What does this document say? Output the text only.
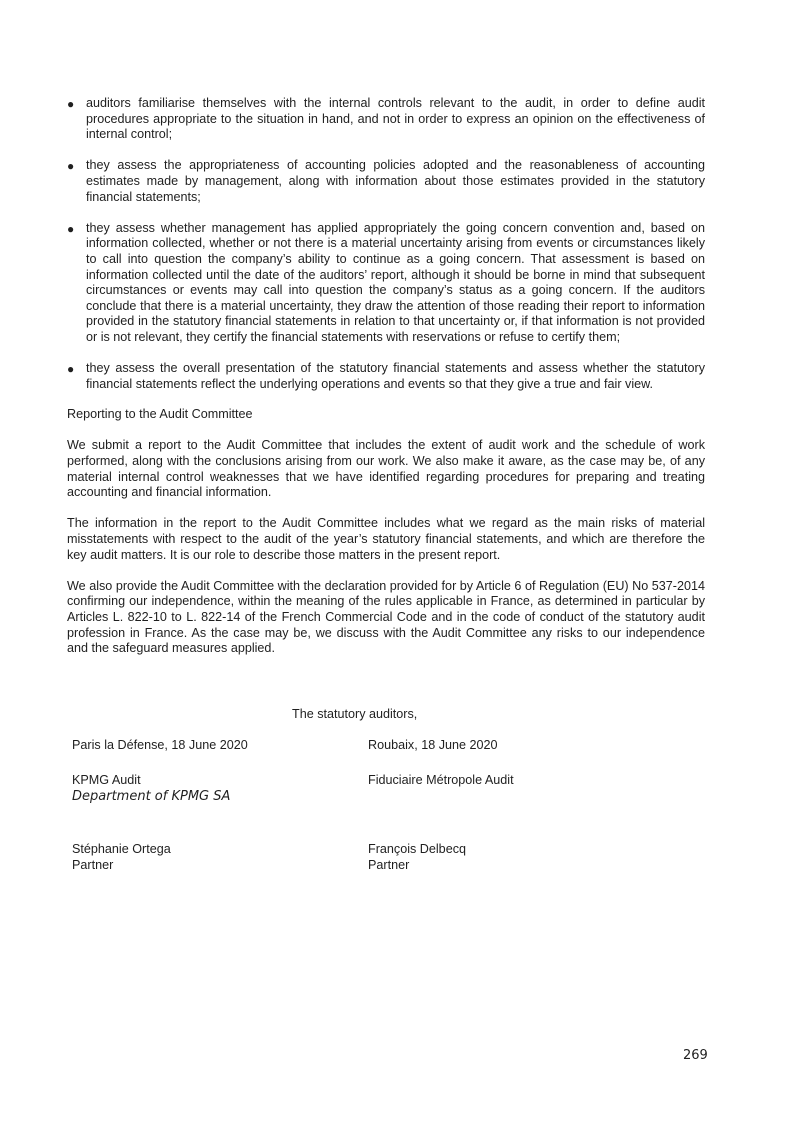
● auditors familiarise themselves with the internal controls relevant to the audit, in order to define audit procedures appropriate to the situation in hand, and not in order to express an opinion on the effectiveness of internal control;
● they assess the appropriateness of accounting policies adopted and the reasonableness of accounting estimates made by management, along with information about those estimates provided in the statutory financial statements;
● they assess whether management has applied appropriately the going concern convention and, based on information collected, whether or not there is a material uncertainty arising from events or circumstances likely to call into question the company’s ability to continue as a going concern. That assessment is based on information collected until the date of the auditors’ report, although it should be borne in mind that subsequent circumstances or events may call into question the company’s status as a going concern. If the auditors conclude that there is a material uncertainty, they draw the attention of those reading their report to information provided in the statutory financial statements in relation to that uncertainty or, if that information is not provided or is not relevant, they certify the financial statements with reservations or refuse to certify them;
● they assess the overall presentation of the statutory financial statements and assess whether the statutory financial statements reflect the underlying operations and events so that they give a true and fair view.

Reporting to the Audit Committee

We submit a report to the Audit Committee that includes the extent of audit work and the schedule of work performed, along with the conclusions arising from our work. We also make it aware, as the case may be, of any material internal control weaknesses that we have identified regarding procedures for preparing and treating accounting and financial information.

The information in the report to the Audit Committee includes what we regard as the main risks of material misstatements with respect to the audit of the year’s statutory financial statements, and which are therefore the key audit matters. It is our role to describe those matters in the present report.

We also provide the Audit Committee with the declaration provided for by Article 6 of Regulation (EU) No 537-2014 confirming our independence, within the meaning of the rules applicable in France, as determined in particular by Articles L. 822-10 to L. 822-14 of the French Commercial Code and in the code of conduct of the statutory audit profession in France. As the case may be, we discuss with the Audit Committee any risks to our independence and the safeguard measures applied.

The statutory auditors,
Paris la Défense, 18 June 2020	Roubaix, 18 June 2020
KPMG Audit
Department of KPMG SA
Fiduciaire Métropole Audit
Stéphanie Ortega
Partner
François Delbecq
Partner
269
